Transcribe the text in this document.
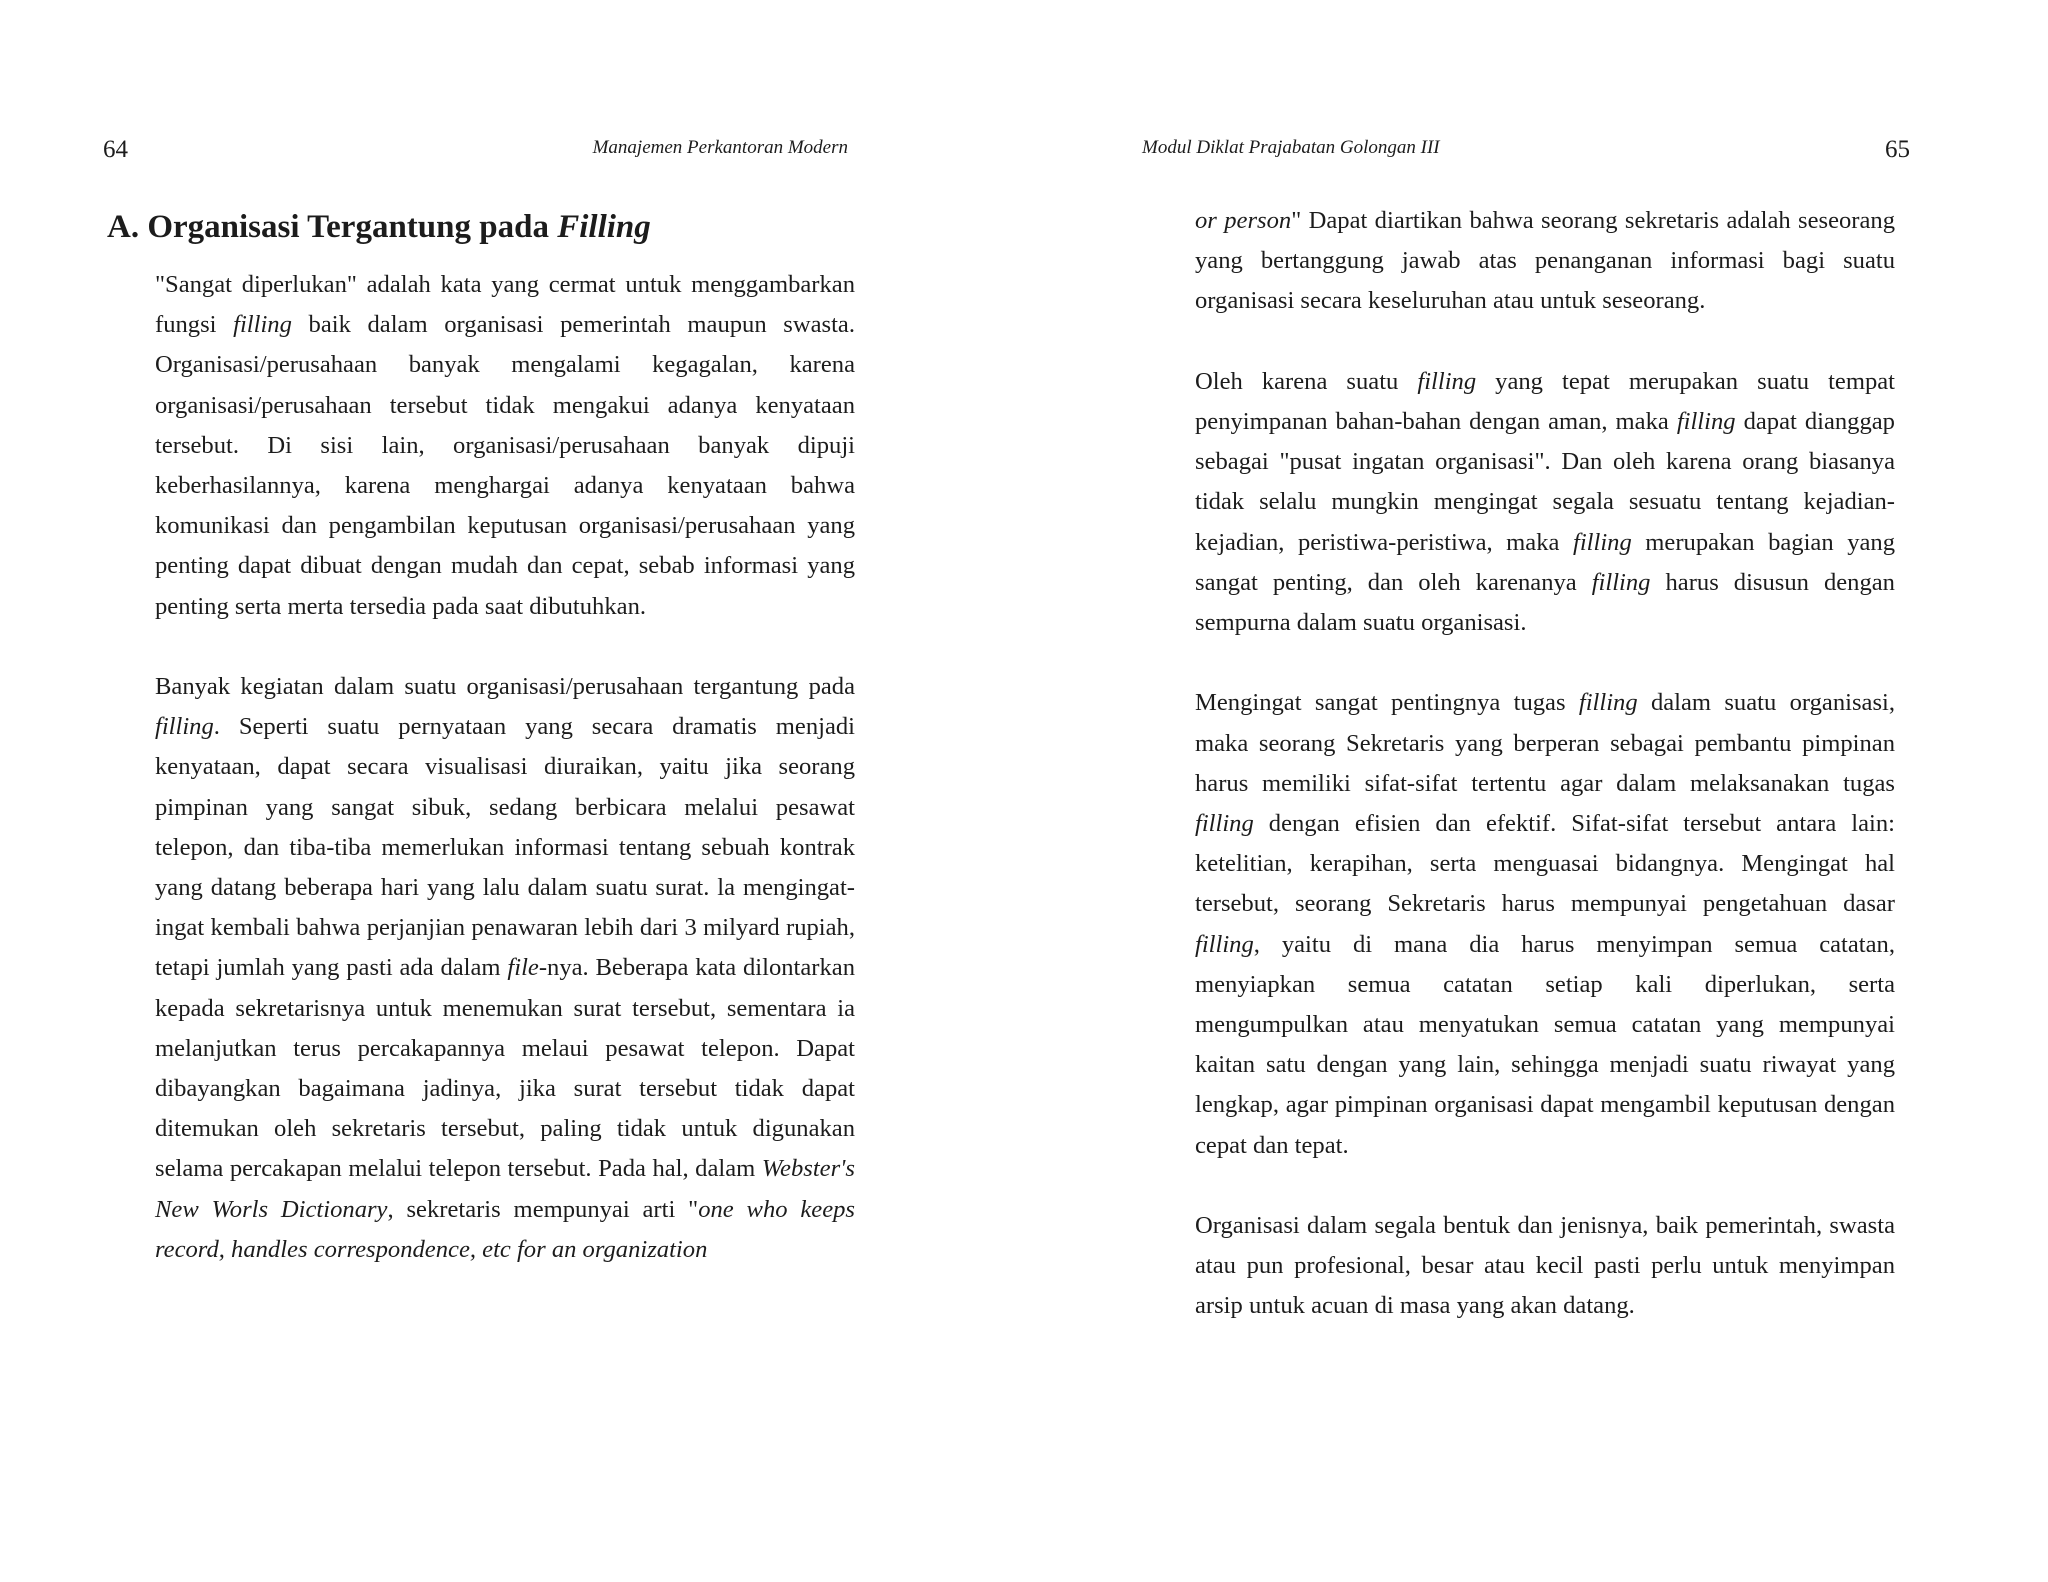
64	Manajemen Perkantoran Modern

A. Organisasi Tergantung pada Filling

"Sangat diperlukan" adalah kata yang cermat untuk menggambarkan fungsi filling baik dalam organisasi pemerintah maupun swasta. Organisasi/perusahaan banyak mengalami kegagalan, karena organisasi/perusahaan tersebut tidak mengakui adanya kenyataan tersebut. Di sisi lain, organisasi/perusahaan banyak dipuji keberhasilannya, karena menghargai adanya kenyataan bahwa komunikasi dan pengambilan keputusan organisasi/perusahaan yang penting dapat dibuat dengan mudah dan cepat, sebab informasi yang penting serta merta tersedia pada saat dibutuhkan.

Banyak kegiatan dalam suatu organisasi/perusahaan tergantung pada filling. Seperti suatu pernyataan yang secara dramatis menjadi kenyataan, dapat secara visualisasi diuraikan, yaitu jika seorang pimpinan yang sangat sibuk, sedang berbicara melalui pesawat telepon, dan tiba-tiba memerlukan informasi tentang sebuah kontrak yang datang beberapa hari yang lalu dalam suatu surat. la mengingat-ingat kembali bahwa perjanjian penawaran lebih dari 3 milyard rupiah, tetapi jumlah yang pasti ada dalam file-nya. Beberapa kata dilontarkan kepada sekretarisnya untuk menemukan surat tersebut, sementara ia melanjutkan terus percakapannya melaui pesawat telepon. Dapat dibayangkan bagaimana jadinya, jika surat tersebut tidak dapat ditemukan oleh sekretaris tersebut, paling tidak untuk digunakan selama percakapan melalui telepon tersebut. Pada hal, dalam Webster's New Worls Dictionary, sekretaris mempunyai arti "one who keeps record, handles correspondence, etc for an organization

Modul Diklat Prajabatan Golongan III	65

or person" Dapat diartikan bahwa seorang sekretaris adalah seseorang yang bertanggung jawab atas penanganan informasi bagi suatu organisasi secara keseluruhan atau untuk seseorang.

Oleh karena suatu filling yang tepat merupakan suatu tempat penyimpanan bahan-bahan dengan aman, maka filling dapat dianggap sebagai "pusat ingatan organisasi". Dan oleh karena orang biasanya tidak selalu mungkin mengingat segala sesuatu tentang kejadian-kejadian, peristiwa-peristiwa, maka filling merupakan bagian yang sangat penting, dan oleh karenanya filling harus disusun dengan sempurna dalam suatu organisasi.

Mengingat sangat pentingnya tugas filling dalam suatu organisasi, maka seorang Sekretaris yang berperan sebagai pembantu pimpinan harus memiliki sifat-sifat tertentu agar dalam melaksanakan tugas filling dengan efisien dan efektif. Sifat-sifat tersebut antara lain: ketelitian, kerapihan, serta menguasai bidangnya. Mengingat hal tersebut, seorang Sekretaris harus mempunyai pengetahuan dasar filling, yaitu di mana dia harus menyimpan semua catatan, menyiapkan semua catatan setiap kali diperlukan, serta mengumpulkan atau menyatukan semua catatan yang mempunyai kaitan satu dengan yang lain, sehingga menjadi suatu riwayat yang lengkap, agar pimpinan organisasi dapat mengambil keputusan dengan cepat dan tepat.

Organisasi dalam segala bentuk dan jenisnya, baik pemerintah, swasta atau pun profesional, besar atau kecil pasti perlu untuk menyimpan arsip untuk acuan di masa yang akan datang.
